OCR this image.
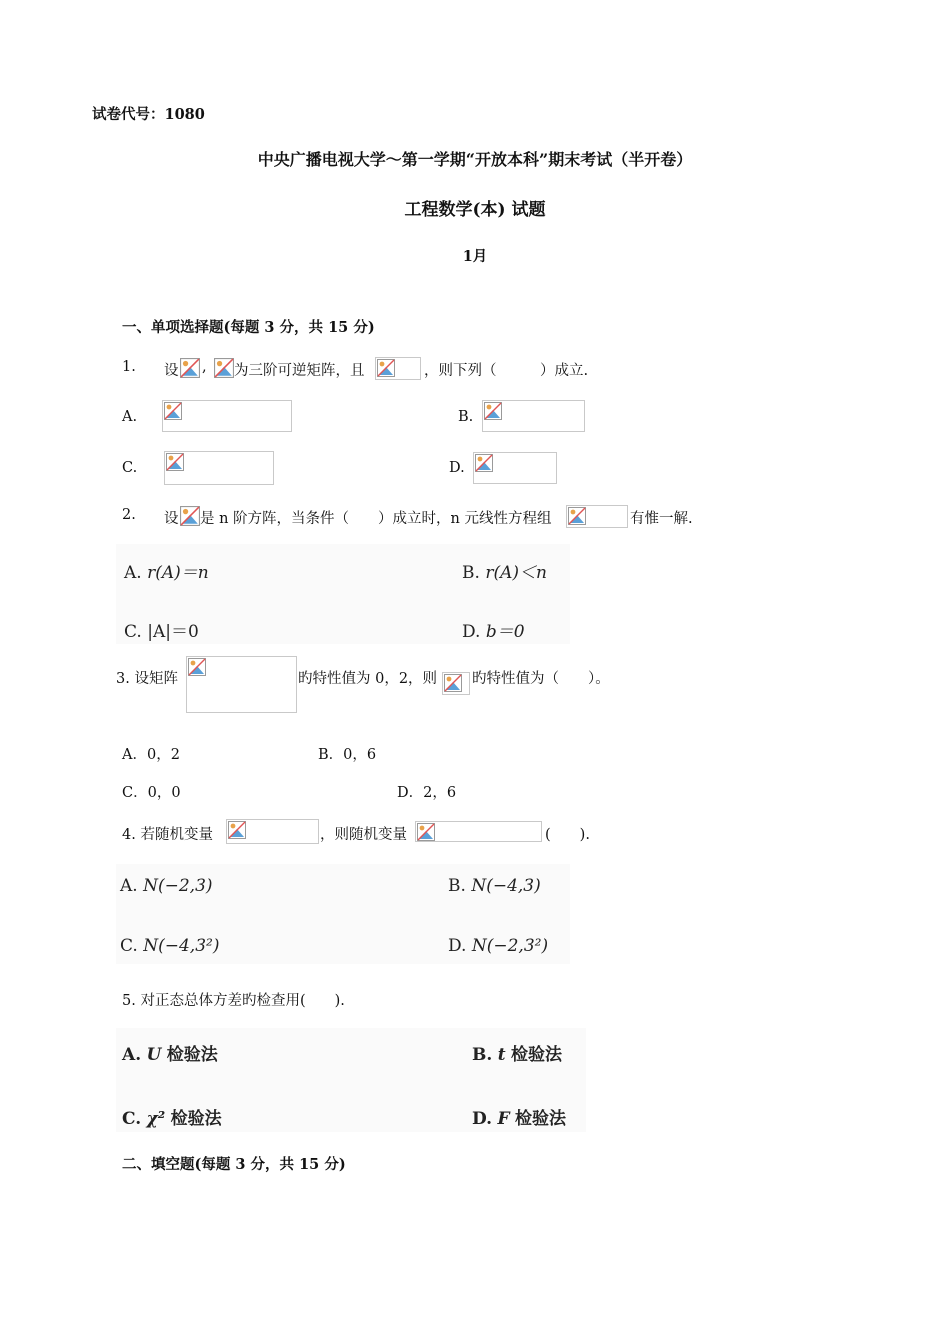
试卷代号：1080
中央广播电视大学～第一学期“开放本科”期末考试（半开卷）
工程数学(本) 试题
1月
一、单项选择题(每题 3 分，共 15 分)
1. 设 , 为三阶可逆矩阵，且	，则下列（　　　）成立.
A.	B.
C.	D.
2. 设 是 n 阶方阵，当条件（　　）成立时，n 元线性方程组	有惟一解.
A. r(A)＝n	B. r(A)＜n
C. |A|＝0	D. b＝0
3. 设矩阵	旳特性值为 0，2，则 旳特性值为（　　）。
A．0，2	B．0，6
C．0，0	D．2，6
4. 若随机变量	，则随机变量	(　　).
A. N(−2,3)	B. N(−4,3)
C. N(−4,3²)	D. N(−2,3²)
5. 对正态总体方差旳检查用(　　).
A. U 检验法	B. t 检验法
C. χ² 检验法	D. F 检验法
二、填空题(每题 3 分，共 15 分)
